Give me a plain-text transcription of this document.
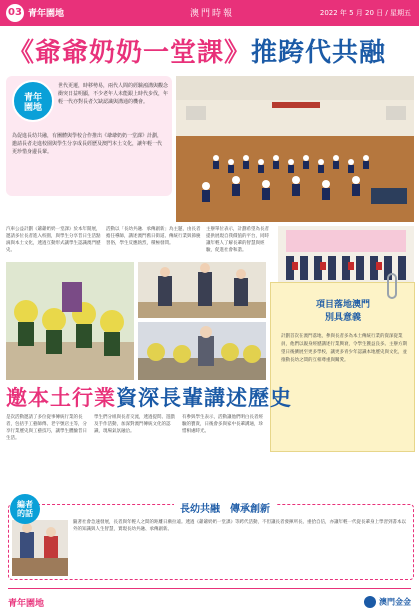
03 青年園地	澳門時報	2022 年 5 月 20 日 / 星期五
《爺爺奶奶一堂課》推跨代共融
青年
園地
世代更遷，時移勢易，兩代人間的經驗鴻溝與觀念衝突日益明顯，不少老年人未能跟上時代步伐，年輕一代亦對長者欠缺認識與溝通的機會。
為促進長幼共融，有團體與學校合作推出《爺爺奶奶一堂課》計劃，邀請長者走進校園與學生分享成長經歷及澳門本土文化，讓年輕一代更珍惜身邊長輩。
汽車公益計劃《爺爺奶奶一堂課》於本年開展，邀請多位長者進入校園，與學生分享昔日生活點滴與本土文化，透過互動形式讓學生認識澳門歷史。
活動以「長幼共融．承傳創新」為主題，由長者擔任導師，講述澳門舊日街道、傳統行業與節慶習俗，學生反應熱烈，積極發問。
主辦單位表示，計劃希望為長者提供展現自我價值的平台，同時讓年輕人了解長輩的智慧與經驗，促進社會和諧。
項目落地澳門
別具意義
計劃首次在澳門落地，參與長者多為本土傳統行業的資深從業員，他們以親身經歷講述行業興衰，令學生獲益良多。主辦方期望日後擴展至更多學校，讓更多青少年認識本地歷史與文化，並推動長幼之間的互相尊重與關愛。
邀本土行業資深長輩講述歷史
是次活動邀請了多位從事傳統行業的長者，包括手工藝師傅、老字號店主等，分享行業歷史與工藝技巧，讓學生體驗昔日生活。
學生們分組與長者交流，透過提問、遊戲及手作活動，加深對澳門傳統文化的認識，現場氣氛融洽。
有參與學生表示，活動讓他們明白長者經驗的寶貴，日後會多與家中長輩溝通，珍惜相處時光。
隨著社會急速發展，長者與年輕人之間的距離日漸拉遠。透過《爺爺奶奶一堂課》等跨代活動，不但讓長者發揮所長、重拾自信，亦讓年輕一代從長輩身上學習到書本以外的知識與人生智慧，實現長幼共融、承傳創新。
編者
的話	長幼共融　傳承創新
青年園地	澳門金金
